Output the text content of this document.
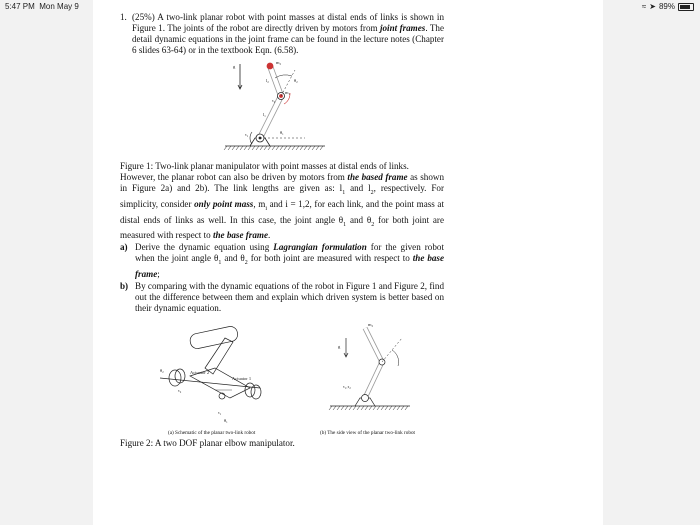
5:47 PM Mon May 9	≈ ➤ 89%
1. (25%) A two-link planar robot with point masses at distal ends of links is shown in Figure 1. The joints of the robot are directly driven by motors from joint frames. The detail dynamic equations in the joint frame can be found in the lecture notes (Chapter 6 slides 63-64) or in the textbook Eqn. (6.58).

g
m₂
l₂
m₁
l₁
τ₂
τ₁
θ₂
θ₁

Figure 1: Two-link planar manipulator with point masses at distal ends of links.

However, the planar robot can also be driven by motors from the based frame as shown in Figure 2a) and 2b). The link lengths are given as: $l_1$ and $l_2$, respectively. For simplicity, consider only point mass, $m_i$ and i = 1,2, for each link, and the point mass at distal ends of links as well. In this case, the joint angle $\theta_1$ and $\theta_2$ for both joint are measured with respect to the base frame.

a) Derive the dynamic equation using Lagrangian formulation for the given robot when the joint angle $\theta_1$ and $\theta_2$ for both joint are measured with respect to the base frame;

b) By comparing with the dynamic equations of the robot in Figure 1 and Figure 2, find out the difference between them and explain which driven system is better based on their dynamic equation.

Actuator 2
Actuator 1
θ₂
τ₂
τ₁
θ₁
m₂
g
τ₁,τ₂
(a) Schematic of the planar two-link robot	(b) The side view of the planar two-link robot

Figure 2: A two DOF planar elbow manipulator.
